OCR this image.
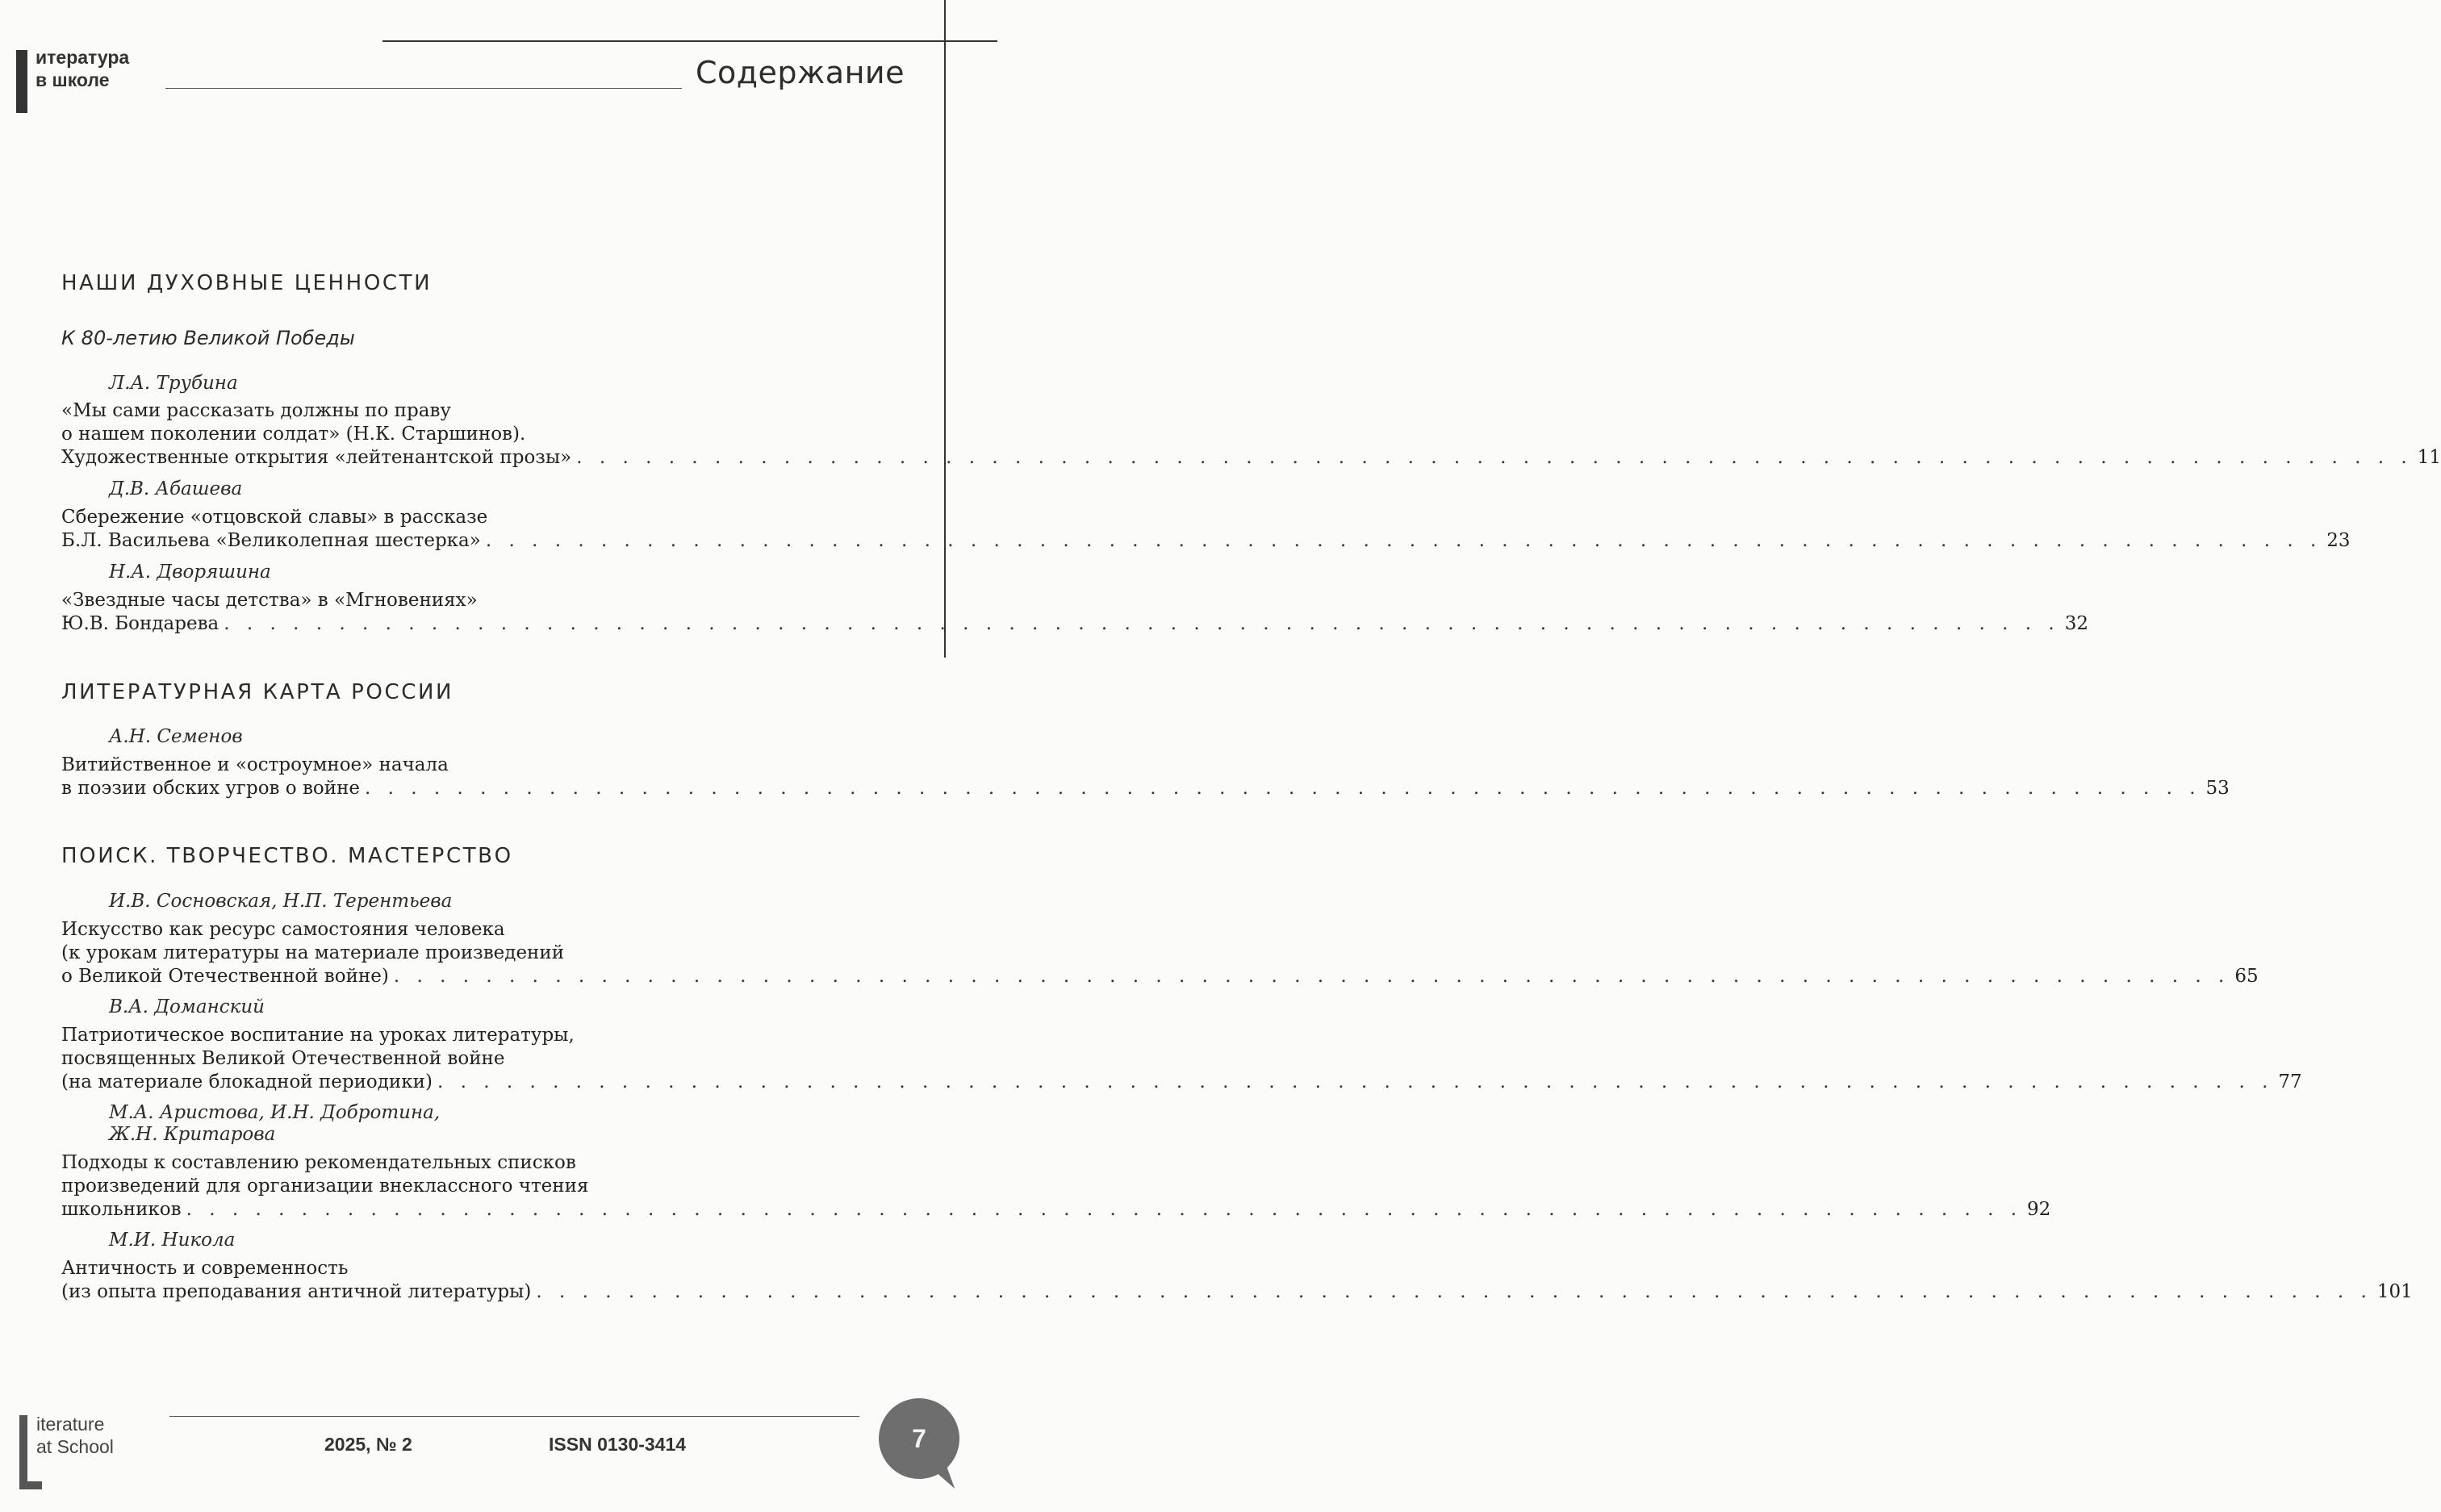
итература
в школе	Содержание
НАШИ ДУХОВНЫЕ ЦЕННОСТИ
К 80-летию Великой Победы
Л.А. Трубина
«Мы сами рассказать должны по праву
о нашем поколении солдат» (Н.К. Старшинов).
Художественные открытия «лейтенантской прозы» . . . . . . . . . . . . . . . . . . . . . . . . . . . . . . . . . . . . . . . . . . . . . . . . . . . . . . . . . . . . . . . . . . . . . . . . . . . . . . . . 11
Д.В. Абашева
Сбережение «отцовской славы» в рассказе
Б.Л. Васильева «Великолепная шестерка» . . . . . . . . . . . . . . . . . . . . . . . . . . . . . . . . . . . . . . . . . . . . . . . . . . . . . . . . . . . . . . . . . . . . . . . . . . . . . . . . 23
Н.А. Дворяшина
«Звездные часы детства» в «Мгновениях»
Ю.В. Бондарева . . . . . . . . . . . . . . . . . . . . . . . . . . . . . . . . . . . . . . . . . . . . . . . . . . . . . . . . . . . . . . . . . . . . . . . . . . . . . . . . 32
ЛИТЕРАТУРНАЯ КАРТА РОССИИ
А.Н. Семенов
Витийственное и «остроумное» начала
в поэзии обских угров о войне . . . . . . . . . . . . . . . . . . . . . . . . . . . . . . . . . . . . . . . . . . . . . . . . . . . . . . . . . . . . . . . . . . . . . . . . . . . . . . . . 53
ПОИСК. ТВОРЧЕСТВО. МАСТЕРСТВО
И.В. Сосновская, Н.П. Терентьева
Искусство как ресурс самостояния человека
(к урокам литературы на материале произведений
о Великой Отечественной войне) . . . . . . . . . . . . . . . . . . . . . . . . . . . . . . . . . . . . . . . . . . . . . . . . . . . . . . . . . . . . . . . . . . . . . . . . . . . . . . . . 65
В.А. Доманский
Патриотическое воспитание на уроках литературы,
посвященных Великой Отечественной войне
(на материале блокадной периодики) . . . . . . . . . . . . . . . . . . . . . . . . . . . . . . . . . . . . . . . . . . . . . . . . . . . . . . . . . . . . . . . . . . . . . . . . . . . . . . . . 77
М.А. Аристова, И.Н. Добротина,
Ж.Н. Критарова
Подходы к составлению рекомендательных списков
произведений для организации внеклассного чтения
школьников . . . . . . . . . . . . . . . . . . . . . . . . . . . . . . . . . . . . . . . . . . . . . . . . . . . . . . . . . . . . . . . . . . . . . . . . . . . . . . . . 92
М.И. Никола
Античность и современность
(из опыта преподавания античной литературы) . . . . . . . . . . . . . . . . . . . . . . . . . . . . . . . . . . . . . . . . . . . . . . . . . . . . . . . . . . . . . . . . . . . . . . . . . . . . . . . . 101
iterature
at School	2025, № 2	ISSN 0130-3414	7
